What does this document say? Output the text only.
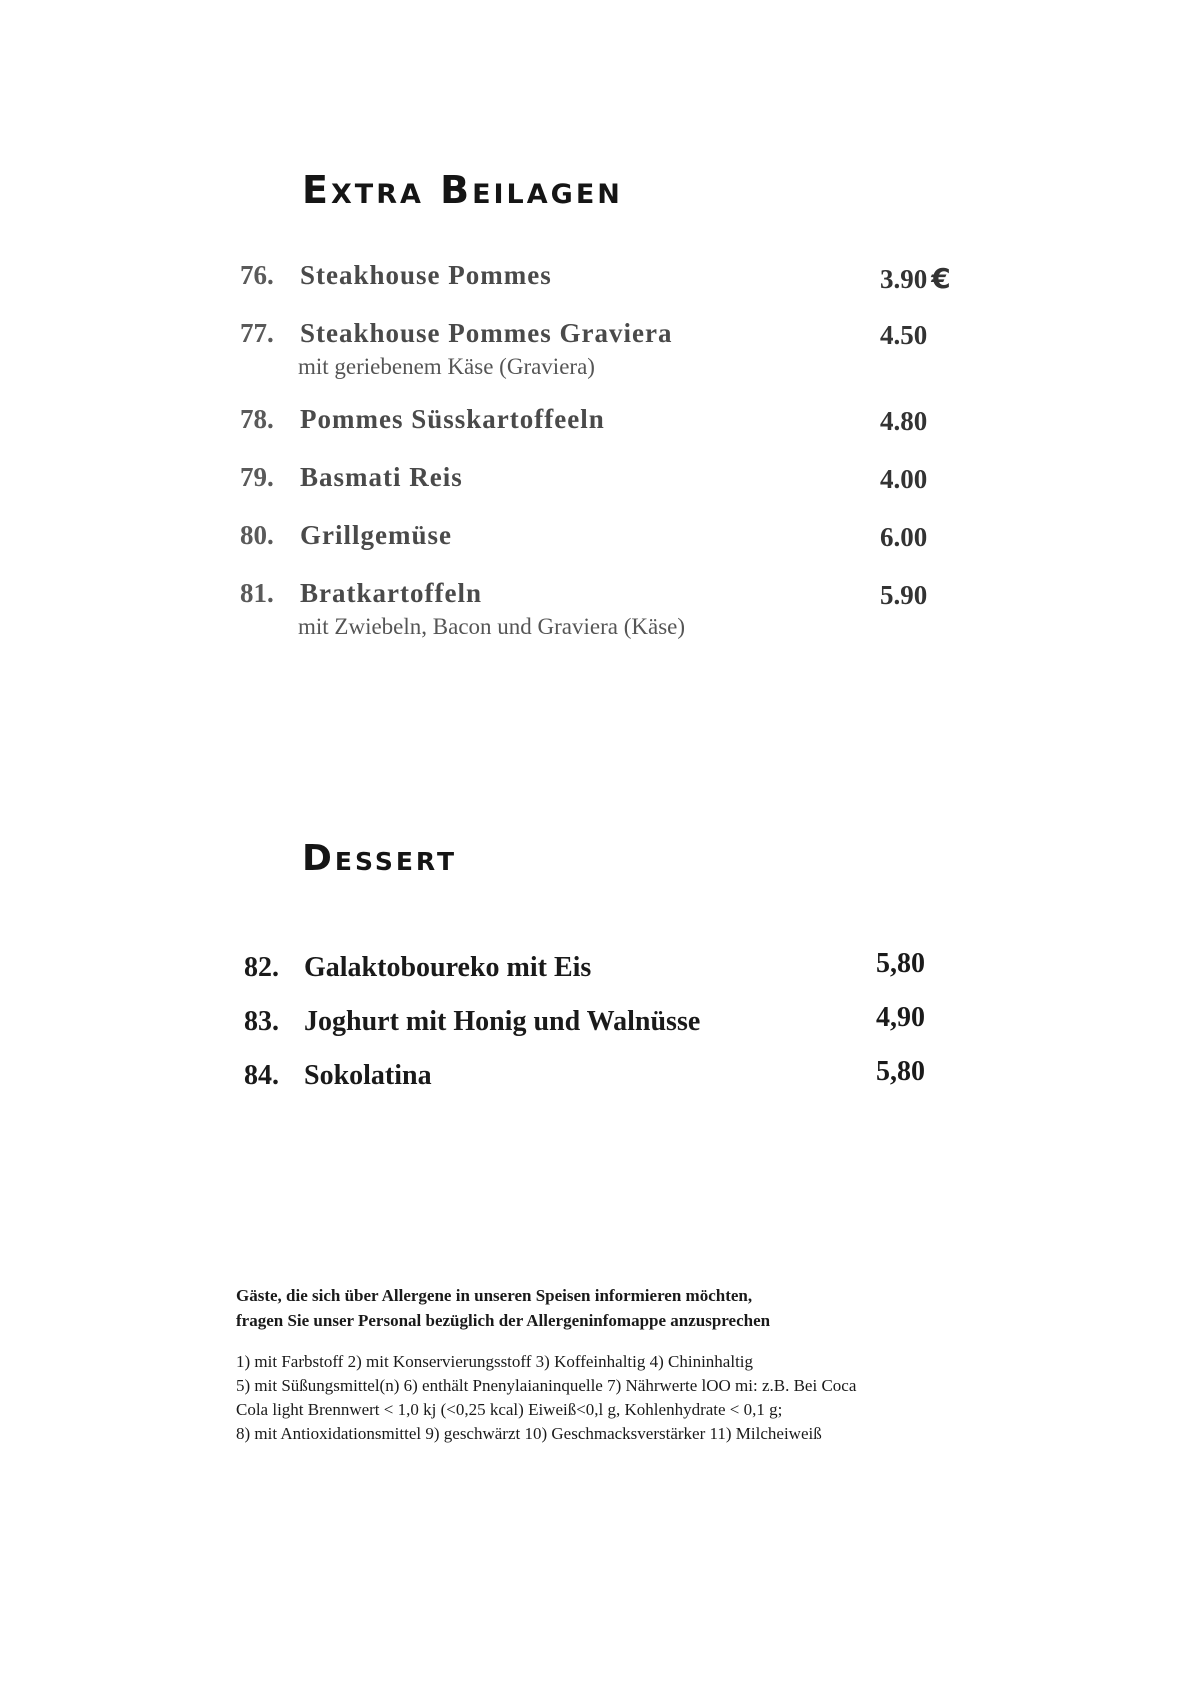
Extra Beilagen
76. Steakhouse Pommes	3.90 €
77. Steakhouse Pommes Graviera	4.50
mit geriebenem Käse (Graviera)
78. Pommes Süsskartoffeeln	4.80
79. Basmati Reis	4.00
80. Grillgemüse	6.00
81. Bratkartoffeln	5.90
mit Zwiebeln, Bacon und Graviera (Käse)
Dessert
82. Galaktoboureko mit Eis	5,80
83. Joghurt mit Honig und Walnüsse	4,90
84. Sokolatina	5,80
Gäste, die sich über Allergene in unseren Speisen informieren möchten,
fragen Sie unser Personal bezüglich der Allergeninfomappe anzusprechen
1) mit Farbstoff 2) mit Konservierungsstoff 3) Koffeinhaltig 4) Chininhaltig
5) mit Süßungsmittel(n) 6) enthält Pnenylaianinquelle 7) Nährwerte lOO mi: z.B. Bei Coca
Cola light Brennwert < 1,0 kj (<0,25 kcal) Eiweiß<0,l g, Kohlenhydrate < 0,1 g;
8) mit Antioxidationsmittel 9) geschwärzt 10) Geschmacksverstärker 11) Milcheiweiß
